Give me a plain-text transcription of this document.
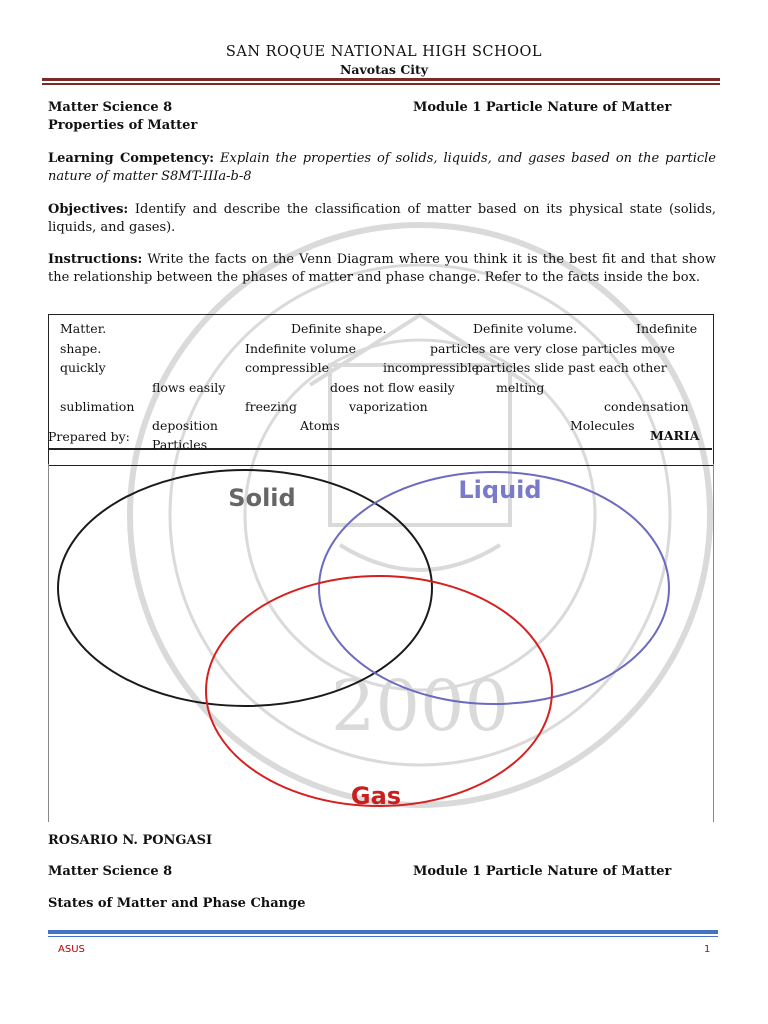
2000
SAN ROQUE NATIONAL HIGH SCHOOL
Navotas City
Matter Science 8	Module 1 Particle Nature of Matter
Properties of Matter
Learning Competency: Explain the properties of solids, liquids, and gases based on the particle nature of matter S8MT-IIIa-b-8
Objectives: Identify and describe the classification of matter based on its physical state (solids, liquids, and gases).
Instructions: Write the facts on the Venn Diagram where you think it is the best fit and that show the relationship between the phases of matter and phase change. Refer to the facts inside the box.
Matter.	Definite shape.	Definite volume.	Indefinite
shape.	Indefinite volume	particles are very close particles move
quickly	compressible	incompressible.
particles slide past each other
flows easily	does not flow easily	melting
sublimation	freezing	vaporization	condensation
deposition	Atoms	Molecules
Prepared by:	MARIA
Particles
Solid	Liquid
Gas
ROSARIO N. PONGASI
Matter Science 8	Module 1 Particle Nature of Matter
States of Matter and Phase Change
ASUS	1
